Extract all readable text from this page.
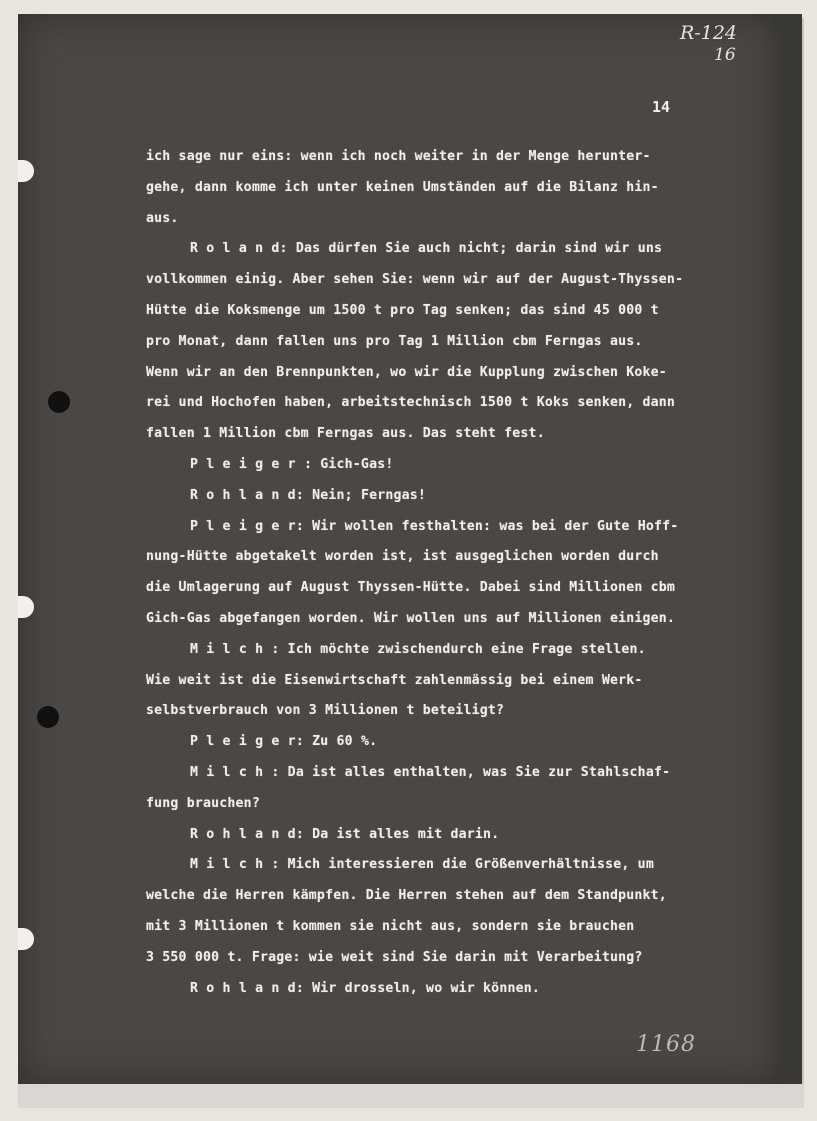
R-124
16
14
ich sage nur eins: wenn ich noch weiter in der Menge herunter-
gehe, dann komme ich unter keinen Umständen auf die Bilanz hin-
aus.
R o l a n d: Das dürfen Sie auch nicht; darin sind wir uns
vollkommen einig. Aber sehen Sie: wenn wir auf der August-Thyssen-
Hütte die Koksmenge um 1500 t pro Tag senken; das sind 45 000 t
pro Monat, dann fallen uns pro Tag 1 Million cbm Ferngas aus.
Wenn wir an den Brennpunkten, wo wir die Kupplung zwischen Koke-
rei und Hochofen haben, arbeitstechnisch 1500 t Koks senken, dann
fallen 1 Million cbm Ferngas aus. Das steht fest.
P l e i g e r : Gich-Gas!
R o h l a n d: Nein; Ferngas!
P l e i g e r: Wir wollen festhalten: was bei der Gute Hoff-
nung-Hütte abgetakelt worden ist, ist ausgeglichen worden durch
die Umlagerung auf August Thyssen-Hütte. Dabei sind Millionen cbm
Gich-Gas abgefangen worden. Wir wollen uns auf Millionen einigen.
M i l c h : Ich möchte zwischendurch eine Frage stellen.
Wie weit ist die Eisenwirtschaft zahlenmässig bei einem Werk-
selbstverbrauch von 3 Millionen t beteiligt?
P l e i g e r: Zu 60 %.
M i l c h : Da ist alles enthalten, was Sie zur Stahlschaf-
fung brauchen?
R o h l a n d: Da ist alles mit darin.
M i l c h : Mich interessieren die Größenverhältnisse, um
welche die Herren kämpfen. Die Herren stehen auf dem Standpunkt,
mit 3 Millionen t kommen sie nicht aus, sondern sie brauchen
3 550 000 t. Frage: wie weit sind Sie darin mit Verarbeitung?
R o h l a n d: Wir drosseln, wo wir können.
1168
